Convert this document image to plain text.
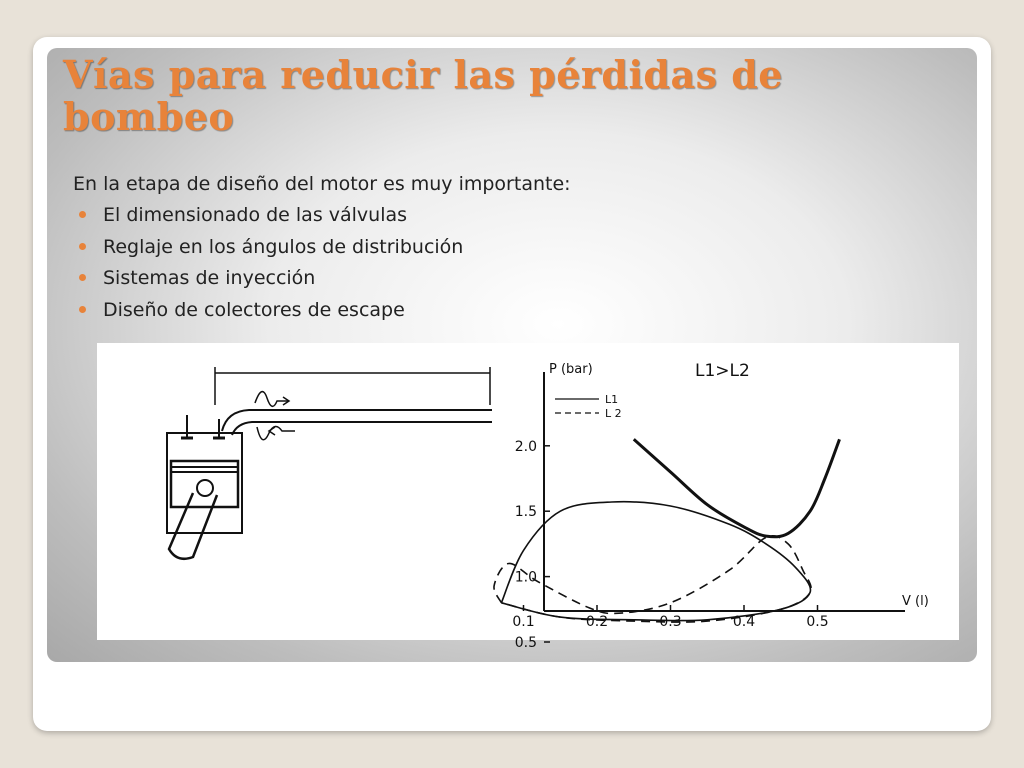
Vías para reducir las pérdidas de bombeo

En la etapa de diseño del motor es muy importante:

El dimensionado de las válvulas
Reglaje en los ángulos de distribución
Sistemas de inyección
Diseño de colectores de escape
P (bar)
V (l)
L1>L2
L1
L 2
0.5
1.0
1.5
2.0
0.1	0.2	0.3	0.4	0.5
